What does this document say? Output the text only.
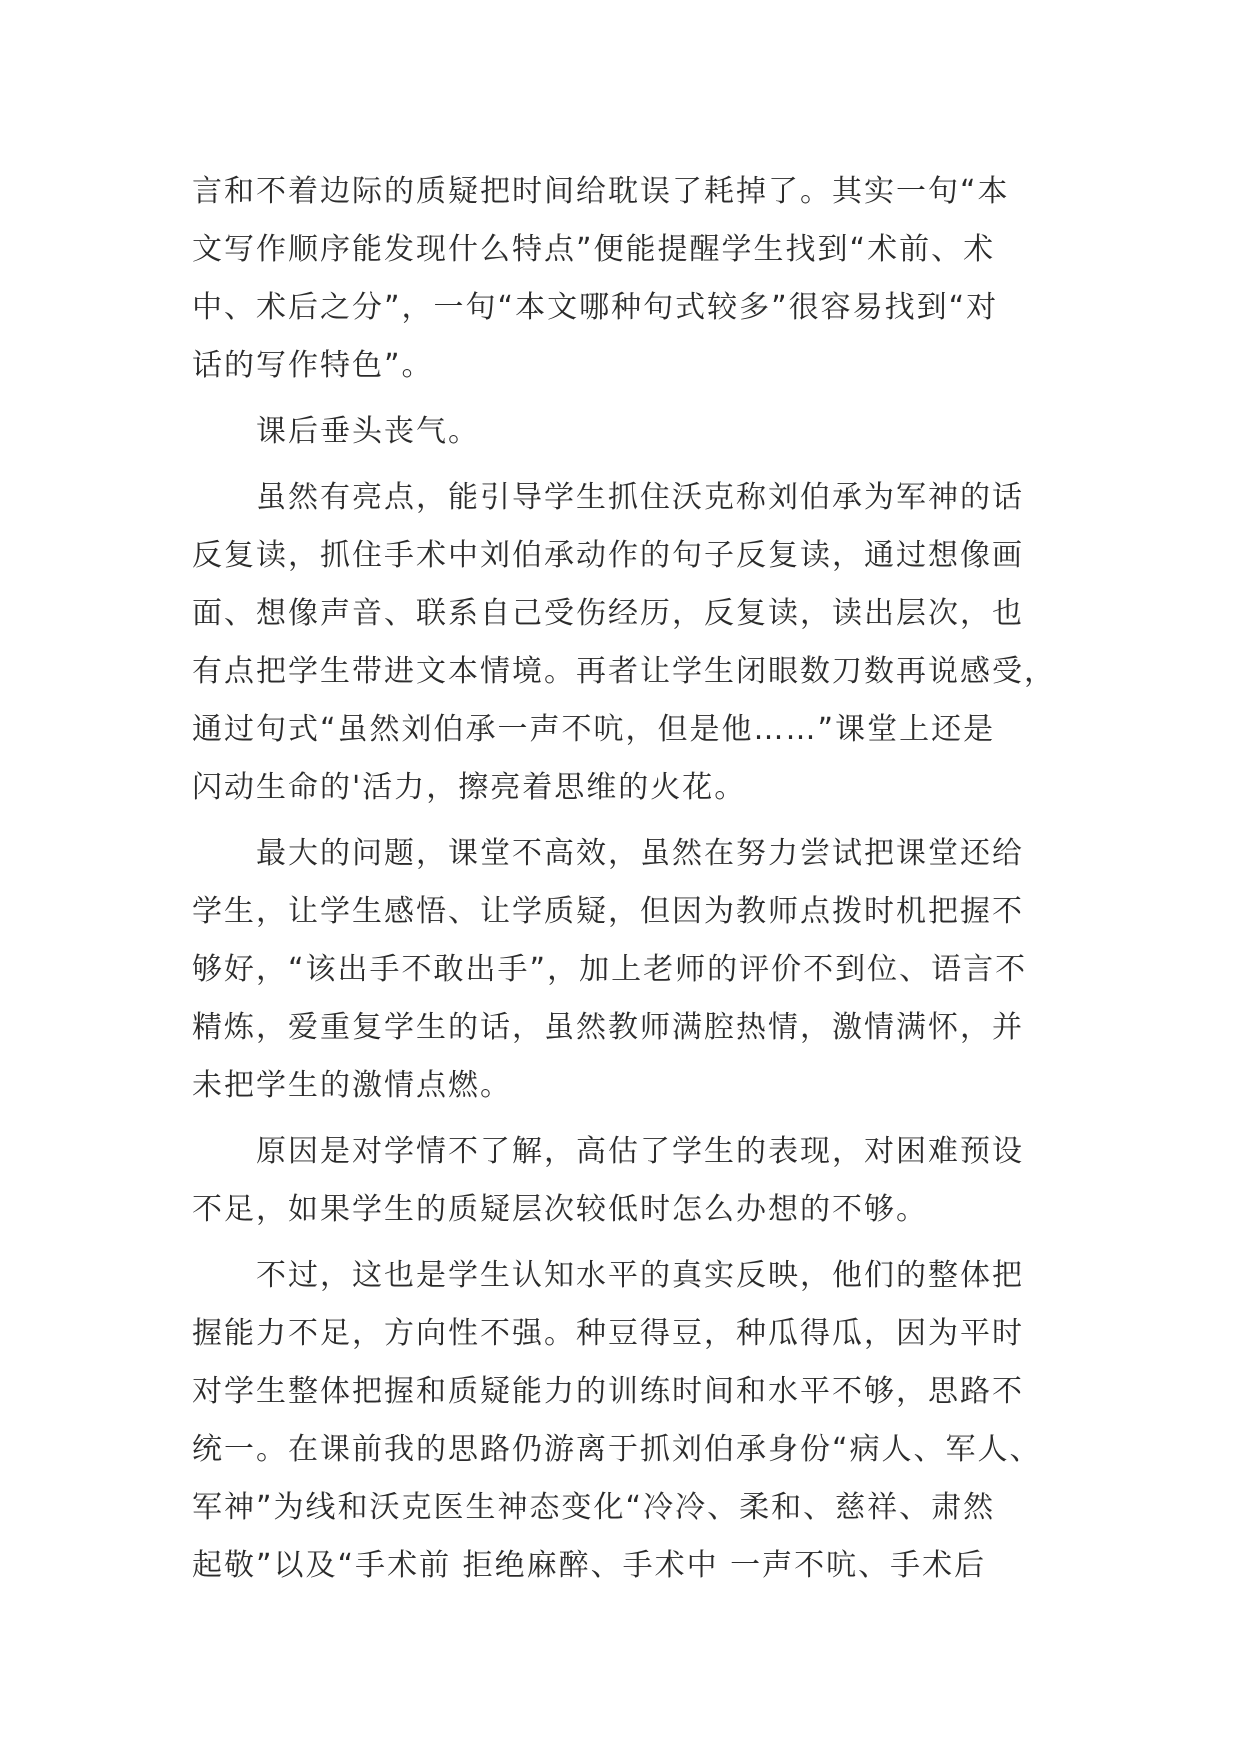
言和不着边际的质疑把时间给耽误了耗掉了。其实一句“本
文写作顺序能发现什么特点”便能提醒学生找到“术前、术
中、术后之分”，一句“本文哪种句式较多”很容易找到“对
话的写作特色”。
课后垂头丧气。
虽然有亮点，能引导学生抓住沃克称刘伯承为军神的话
反复读，抓住手术中刘伯承动作的句子反复读，通过想像画
面、想像声音、联系自己受伤经历，反复读，读出层次，也
有点把学生带进文本情境。再者让学生闭眼数刀数再说感受，
通过句式“虽然刘伯承一声不吭，但是他……”课堂上还是
闪动生命的'活力，擦亮着思维的火花。
最大的问题，课堂不高效，虽然在努力尝试把课堂还给
学生，让学生感悟、让学质疑，但因为教师点拨时机把握不
够好，“该出手不敢出手”，加上老师的评价不到位、语言不
精炼，爱重复学生的话，虽然教师满腔热情，激情满怀，并
未把学生的激情点燃。
原因是对学情不了解，高估了学生的表现，对困难预设
不足，如果学生的质疑层次较低时怎么办想的不够。
不过，这也是学生认知水平的真实反映，他们的整体把
握能力不足，方向性不强。种豆得豆，种瓜得瓜，因为平时
对学生整体把握和质疑能力的训练时间和水平不够，思路不
统一。在课前我的思路仍游离于抓刘伯承身份“病人、军人、
军神”为线和沃克医生神态变化“冷冷、柔和、慈祥、肃然
起敬”以及“手术前 拒绝麻醉、手术中 一声不吭、手术后
